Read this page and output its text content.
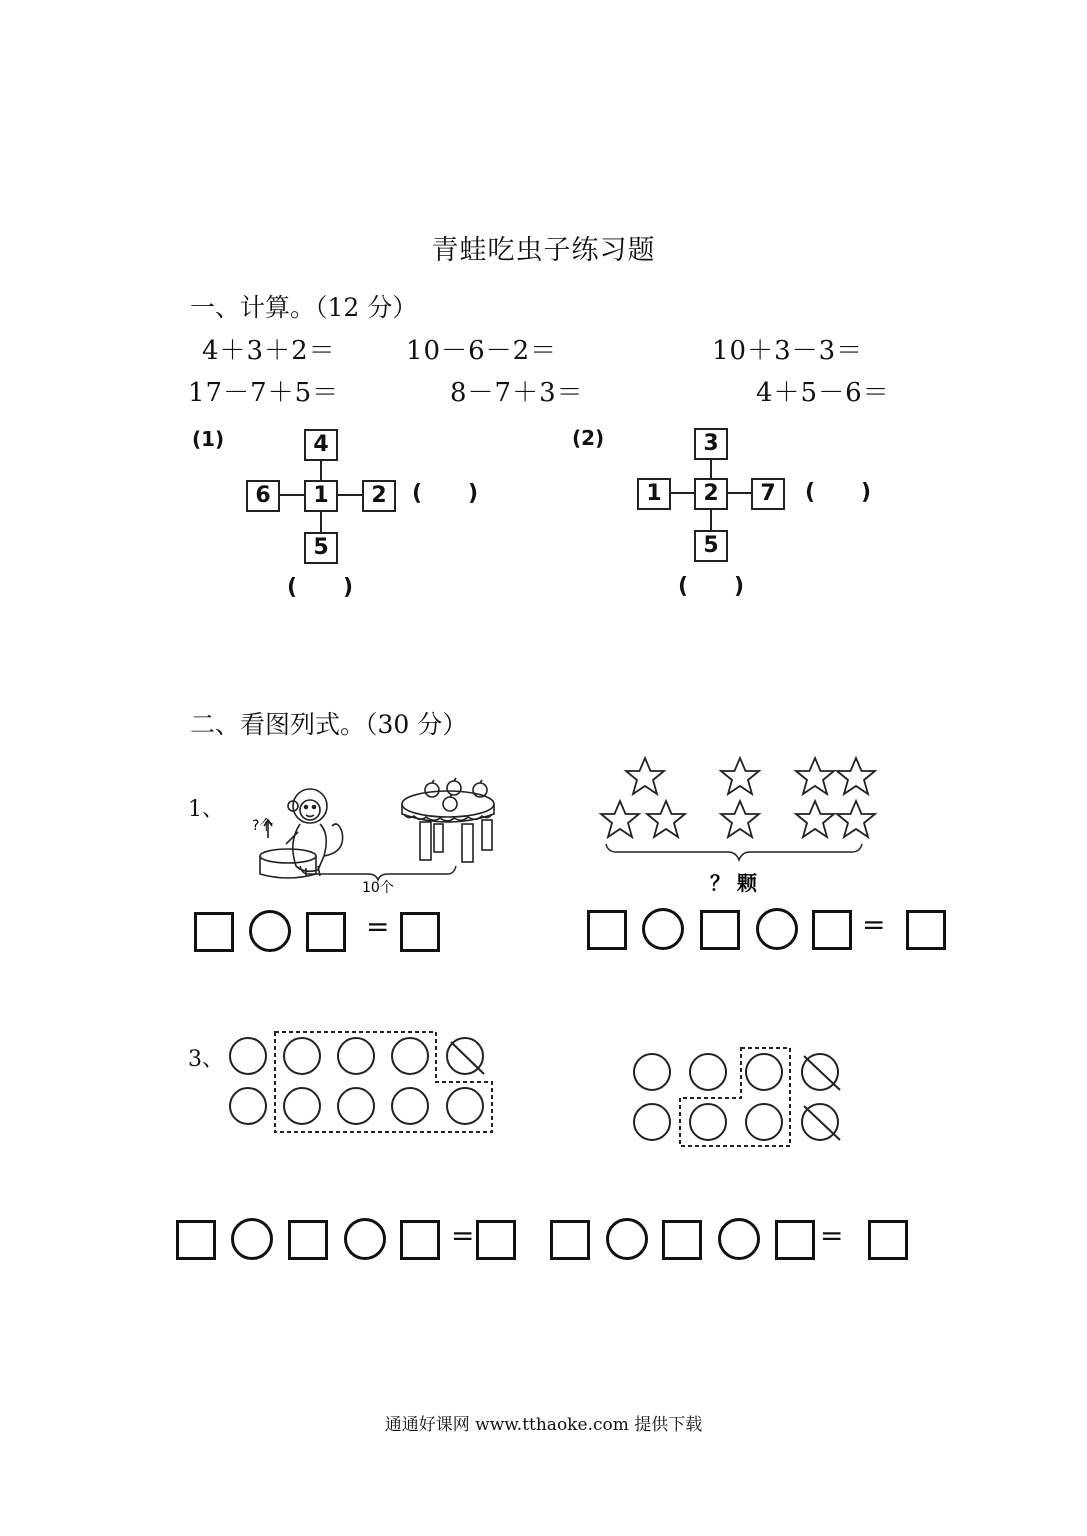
青蛙吃虫子练习题
一、计算。（12 分）
4＋3＋2＝	10－6－2＝	10＋3－3＝
17－7＋5＝	8－7＋3＝	4＋5－6＝
(1)	4
6	1	2
5
(      )
(      )
(2)	3
1	2	7
5
(      )
(      )
二、看图列式。（30 分）
1、
?个
10个	？ 颗
=	=
3、
=	=
通通好课网 www.tthaoke.com 提供下载
